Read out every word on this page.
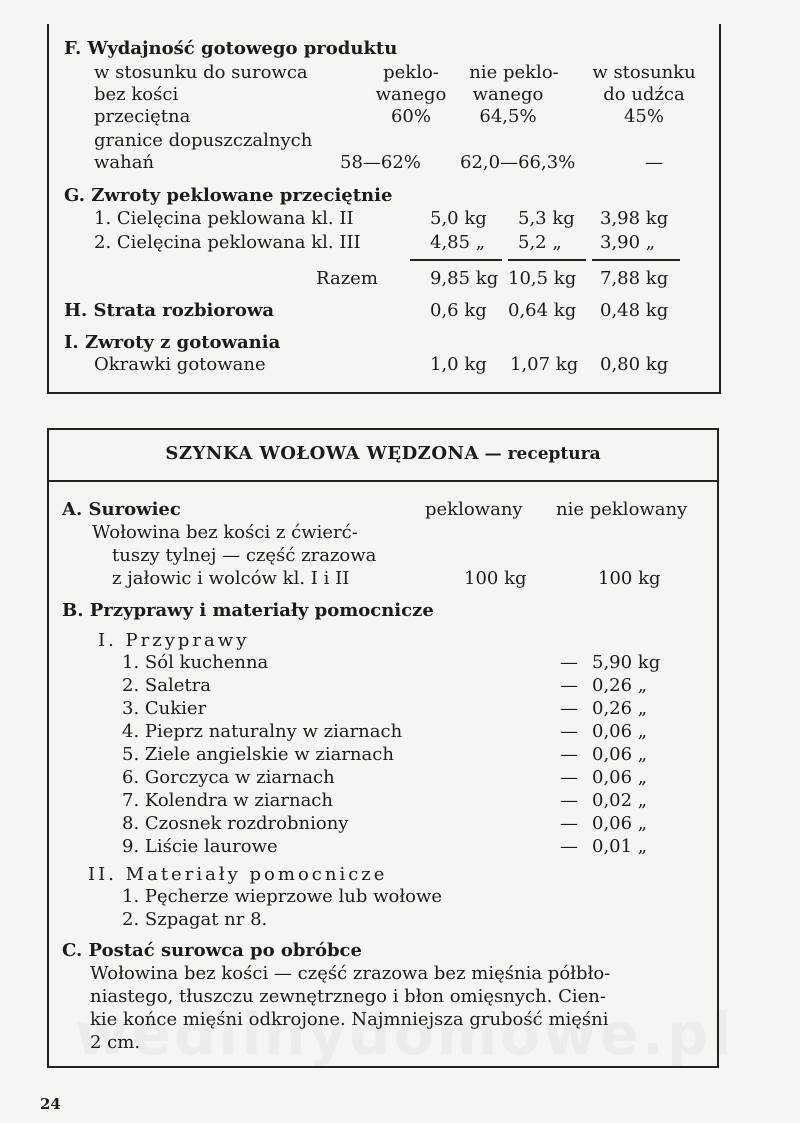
F. Wydajność gotowego produktu
w stosunku do surowca	peklo-	nie peklo-	w stosunku
bez kości	wanego	wanego	do udźca
przeciętna	60%	64,5%	45%
granice dopuszczalnych
wahań	58—62% 62,0—66,3%	—
G. Zwroty peklowane przeciętnie
1. Cielęcina peklowana kl. II	5,0 kg 5,3 kg 3,98 kg
2. Cielęcina peklowana kl. III	4,85 „ 5,2 „ 3,90 „
Razem	9,85 kg 10,5 kg 7,88 kg
H. Strata rozbiorowa	0,6 kg 0,64 kg 0,48 kg
I. Zwroty z gotowania
Okrawki gotowane	1,0 kg 1,07 kg 0,80 kg
SZYNKA WOŁOWA WĘDZONA — receptura
A. Surowiec	peklowany nie peklowany
Wołowina bez kości z ćwierć-
tuszy tylnej — część zrazowa
z jałowic i wolców kl. I i II	100 kg	100 kg
B. Przyprawy i materiały pomocnicze
I. Przyprawy
1. Sól kuchenna	— 5,90 kg
2. Saletra	— 0,26 „
3. Cukier	— 0,26 „
4. Pieprz naturalny w ziarnach	— 0,06 „
5. Ziele angielskie w ziarnach	— 0,06 „
6. Gorczyca w ziarnach	— 0,06 „
7. Kolendra w ziarnach	— 0,02 „
8. Czosnek rozdrobniony	— 0,06 „
9. Liście laurowe	— 0,01 „
II. Materiały pomocnicze
1. Pęcherze wieprzowe lub wołowe
2. Szpagat nr 8.
C. Postać surowca po obróbce
Wołowina bez kości — część zrazowa bez mięśnia półbło-
niastego, tłuszczu zewnętrznego i błon omięsnych. Cien-
kie końce mięśni odkrojone. Najmniejsza grubość mięśni
2 cm.
24
